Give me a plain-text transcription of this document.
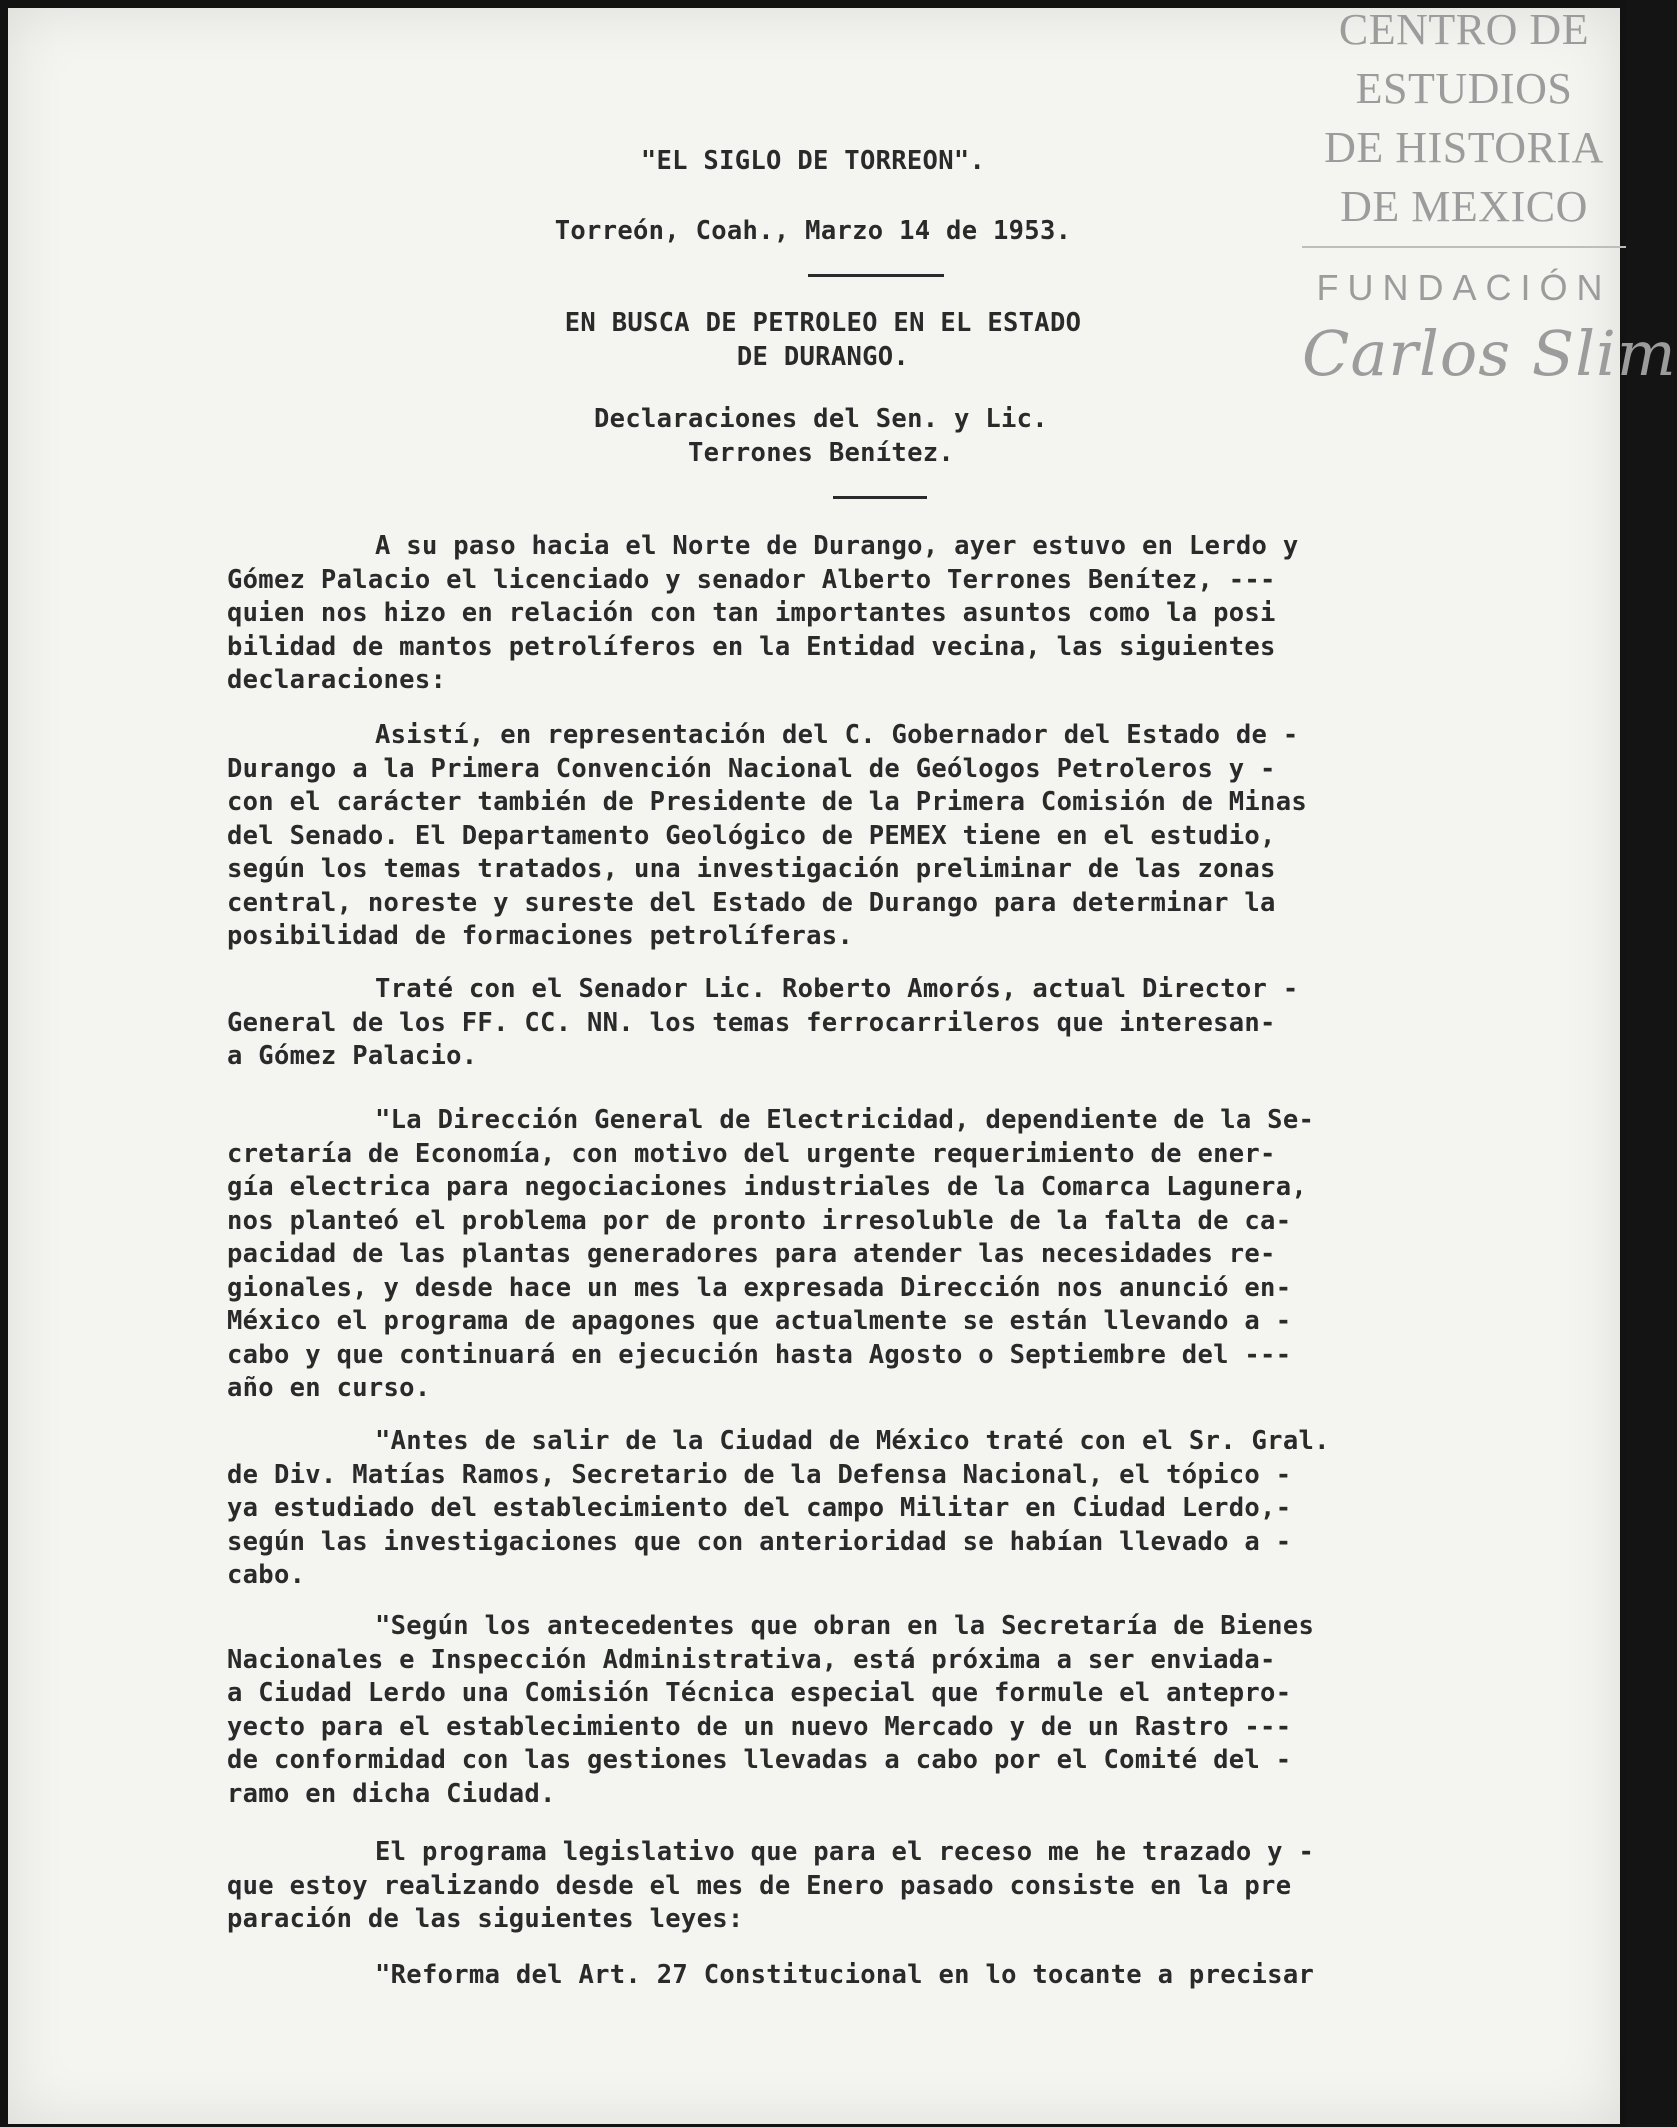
CENTRO DE
ESTUDIOS
DE HISTORIA
DE MEXICO
FUNDACIÓN
Carlos Slim
"EL SIGLO DE TORREON".
Torreón, Coah., Marzo 14 de 1953.
EN BUSCA DE PETROLEO EN EL ESTADO
DE DURANGO.
Declaraciones del Sen. y Lic.
Terrones Benítez.
A su paso hacia el Norte de Durango, ayer estuvo en Lerdo y
Gómez Palacio el licenciado y senador Alberto Terrones Benítez, ---
quien nos hizo en relación con tan importantes asuntos como la posi
bilidad de mantos petrolíferos en la Entidad vecina, las siguientes
declaraciones:
Asistí, en representación del C. Gobernador del Estado de -
Durango a la Primera Convención Nacional de Geólogos Petroleros y -
con el carácter también de Presidente de la Primera Comisión de Minas
del Senado. El Departamento Geológico de PEMEX tiene en el estudio,
según los temas tratados, una investigación preliminar de las zonas
central, noreste y sureste del Estado de Durango para determinar la
posibilidad de formaciones petrolíferas.
Traté con el Senador Lic. Roberto Amorós, actual Director -
General de los FF. CC. NN. los temas ferrocarrileros que interesan-
a Gómez Palacio.
"La Dirección General de Electricidad, dependiente de la Se-
cretaría de Economía, con motivo del urgente requerimiento de ener-
gía electrica para negociaciones industriales de la Comarca Lagunera,
nos planteó el problema por de pronto irresoluble de la falta de ca-
pacidad de las plantas generadores para atender las necesidades re-
gionales, y desde hace un mes la expresada Dirección nos anunció en-
México el programa de apagones que actualmente se están llevando a -
cabo y que continuará en ejecución hasta Agosto o Septiembre del ---
año en curso.
"Antes de salir de la Ciudad de México traté con el Sr. Gral.
de Div. Matías Ramos, Secretario de la Defensa Nacional, el tópico -
ya estudiado del establecimiento del campo Militar en Ciudad Lerdo,-
según las investigaciones que con anterioridad se habían llevado a -
cabo.
"Según los antecedentes que obran en la Secretaría de Bienes
Nacionales e Inspección Administrativa, está próxima a ser enviada-
a Ciudad Lerdo una Comisión Técnica especial que formule el antepro-
yecto para el establecimiento de un nuevo Mercado y de un Rastro ---
de conformidad con las gestiones llevadas a cabo por el Comité del -
ramo en dicha Ciudad.
El programa legislativo que para el receso me he trazado y -
que estoy realizando desde el mes de Enero pasado consiste en la pre
paración de las siguientes leyes:
"Reforma del Art. 27 Constitucional en lo tocante a precisar
